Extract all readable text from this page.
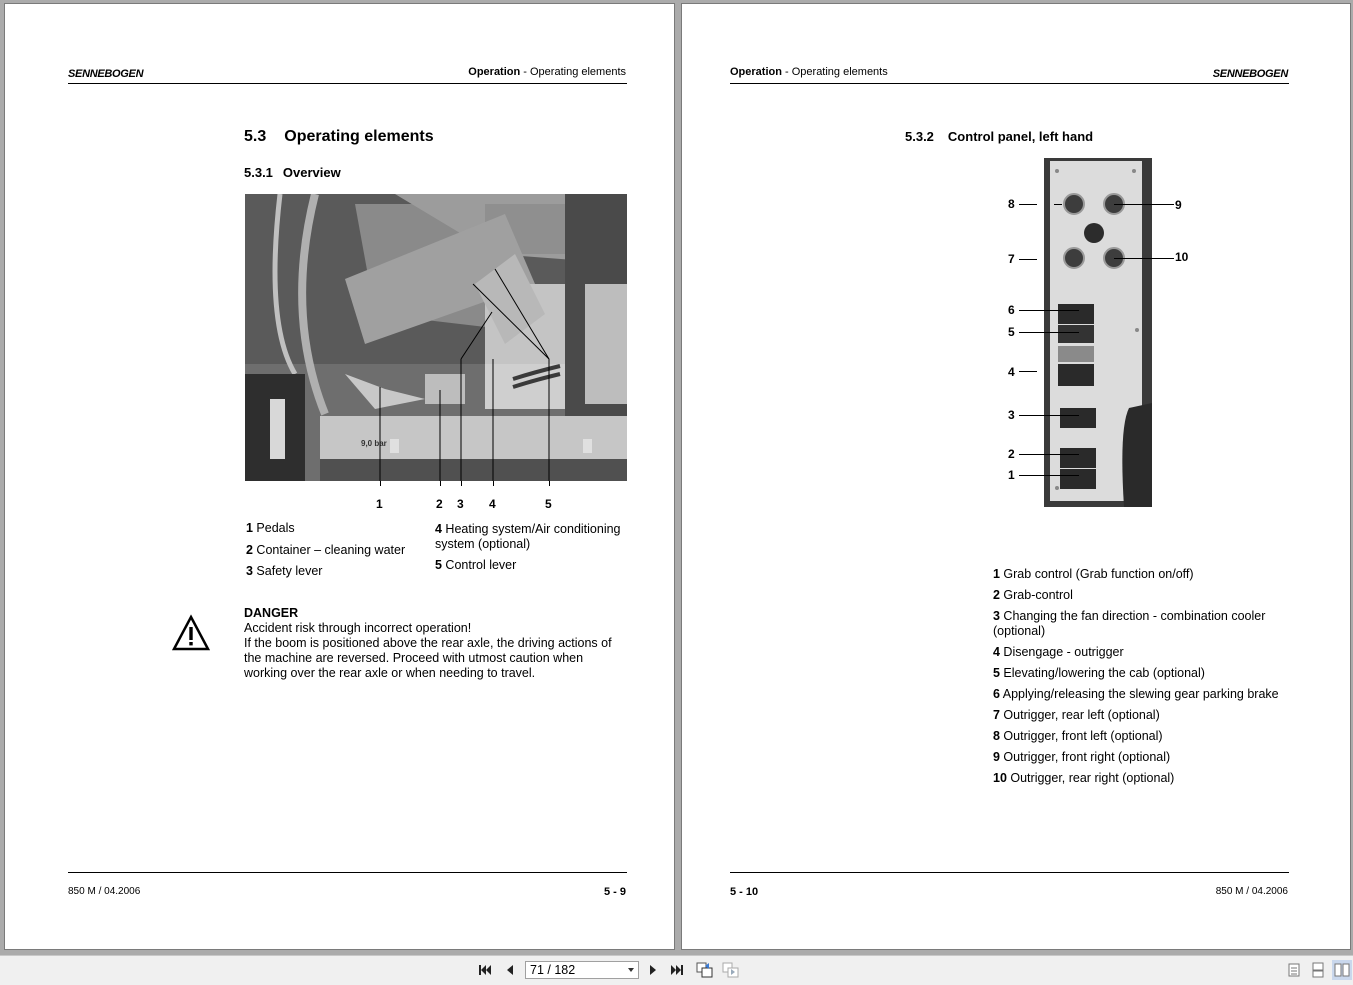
SENNEBOGEN	Operation - Operating elements
5.3 Operating elements
5.3.1 Overview
9,0 bar
1	2 3 4	5
1 Pedals
2 Container – cleaning water
3 Safety lever
4 Heating system/Air conditioning system (optional)
5 Control lever
DANGER
Accident risk through incorrect operation!
If the boom is positioned above the rear axle, the driving actions of the machine are reversed. Proceed with utmost caution when working over the rear axle or when needing to travel.
850 M / 04.2006	5 - 9
Operation - Operating elements	SENNEBOGEN
5.3.2 Control panel, left hand
8
7
6
5
4
3
2
1
9
10
1 Grab control (Grab function on/off)
2 Grab-control
3 Changing the fan direction - combination cooler (optional)
4 Disengage - outrigger
5 Elevating/lowering the cab (optional)
6 Applying/releasing the slewing gear parking brake
7 Outrigger, rear left (optional)
8 Outrigger, front left (optional)
9 Outrigger, front right (optional)
10 Outrigger, rear right (optional)
5 - 10	850 M / 04.2006
71 / 182
